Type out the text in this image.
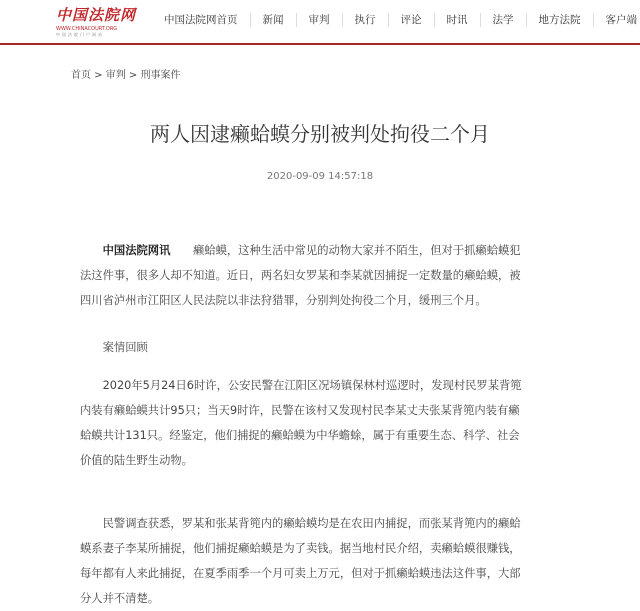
中国法院网
WWW.CHINACOURT.ORG
中国法院门户网站
中国法院网首页	新闻	审判	执行	评论	时讯	法学	地方法院	客户端
首页 > 审判 > 刑事案件
两人因逮癞蛤蟆分别被判处拘役二个月
2020-09-09 14:57:18
中国法院网讯   癞蛤蟆，这种生活中常见的动物大家并不陌生，但对于抓癞蛤蟆犯法这件事，很多人却不知道。近日，两名妇女罗某和李某就因捕捉一定数量的癞蛤蟆，被四川省泸州市江阳区人民法院以非法狩猎罪，分别判处拘役二个月，缓刑三个月。
案情回顾
2020年5月24日6时许，公安民警在江阳区况场镇保林村巡逻时，发现村民罗某背篼内装有癞蛤蟆共计95只；当天9时许，民警在该村又发现村民李某丈夫张某背篼内装有癞蛤蟆共计131只。经鉴定，他们捕捉的癞蛤蟆为中华蟾蜍，属于有重要生态、科学、社会价值的陆生野生动物。
民警调查获悉，罗某和张某背篼内的癞蛤蟆均是在农田内捕捉，而张某背篼内的癞蛤蟆系妻子李某所捕捉，他们捕捉癞蛤蟆是为了卖钱。据当地村民介绍，卖癞蛤蟆很赚钱，每年都有人来此捕捉，在夏季雨季一个月可卖上万元，但对于抓癞蛤蟆违法这件事，大部分人并不清楚。
